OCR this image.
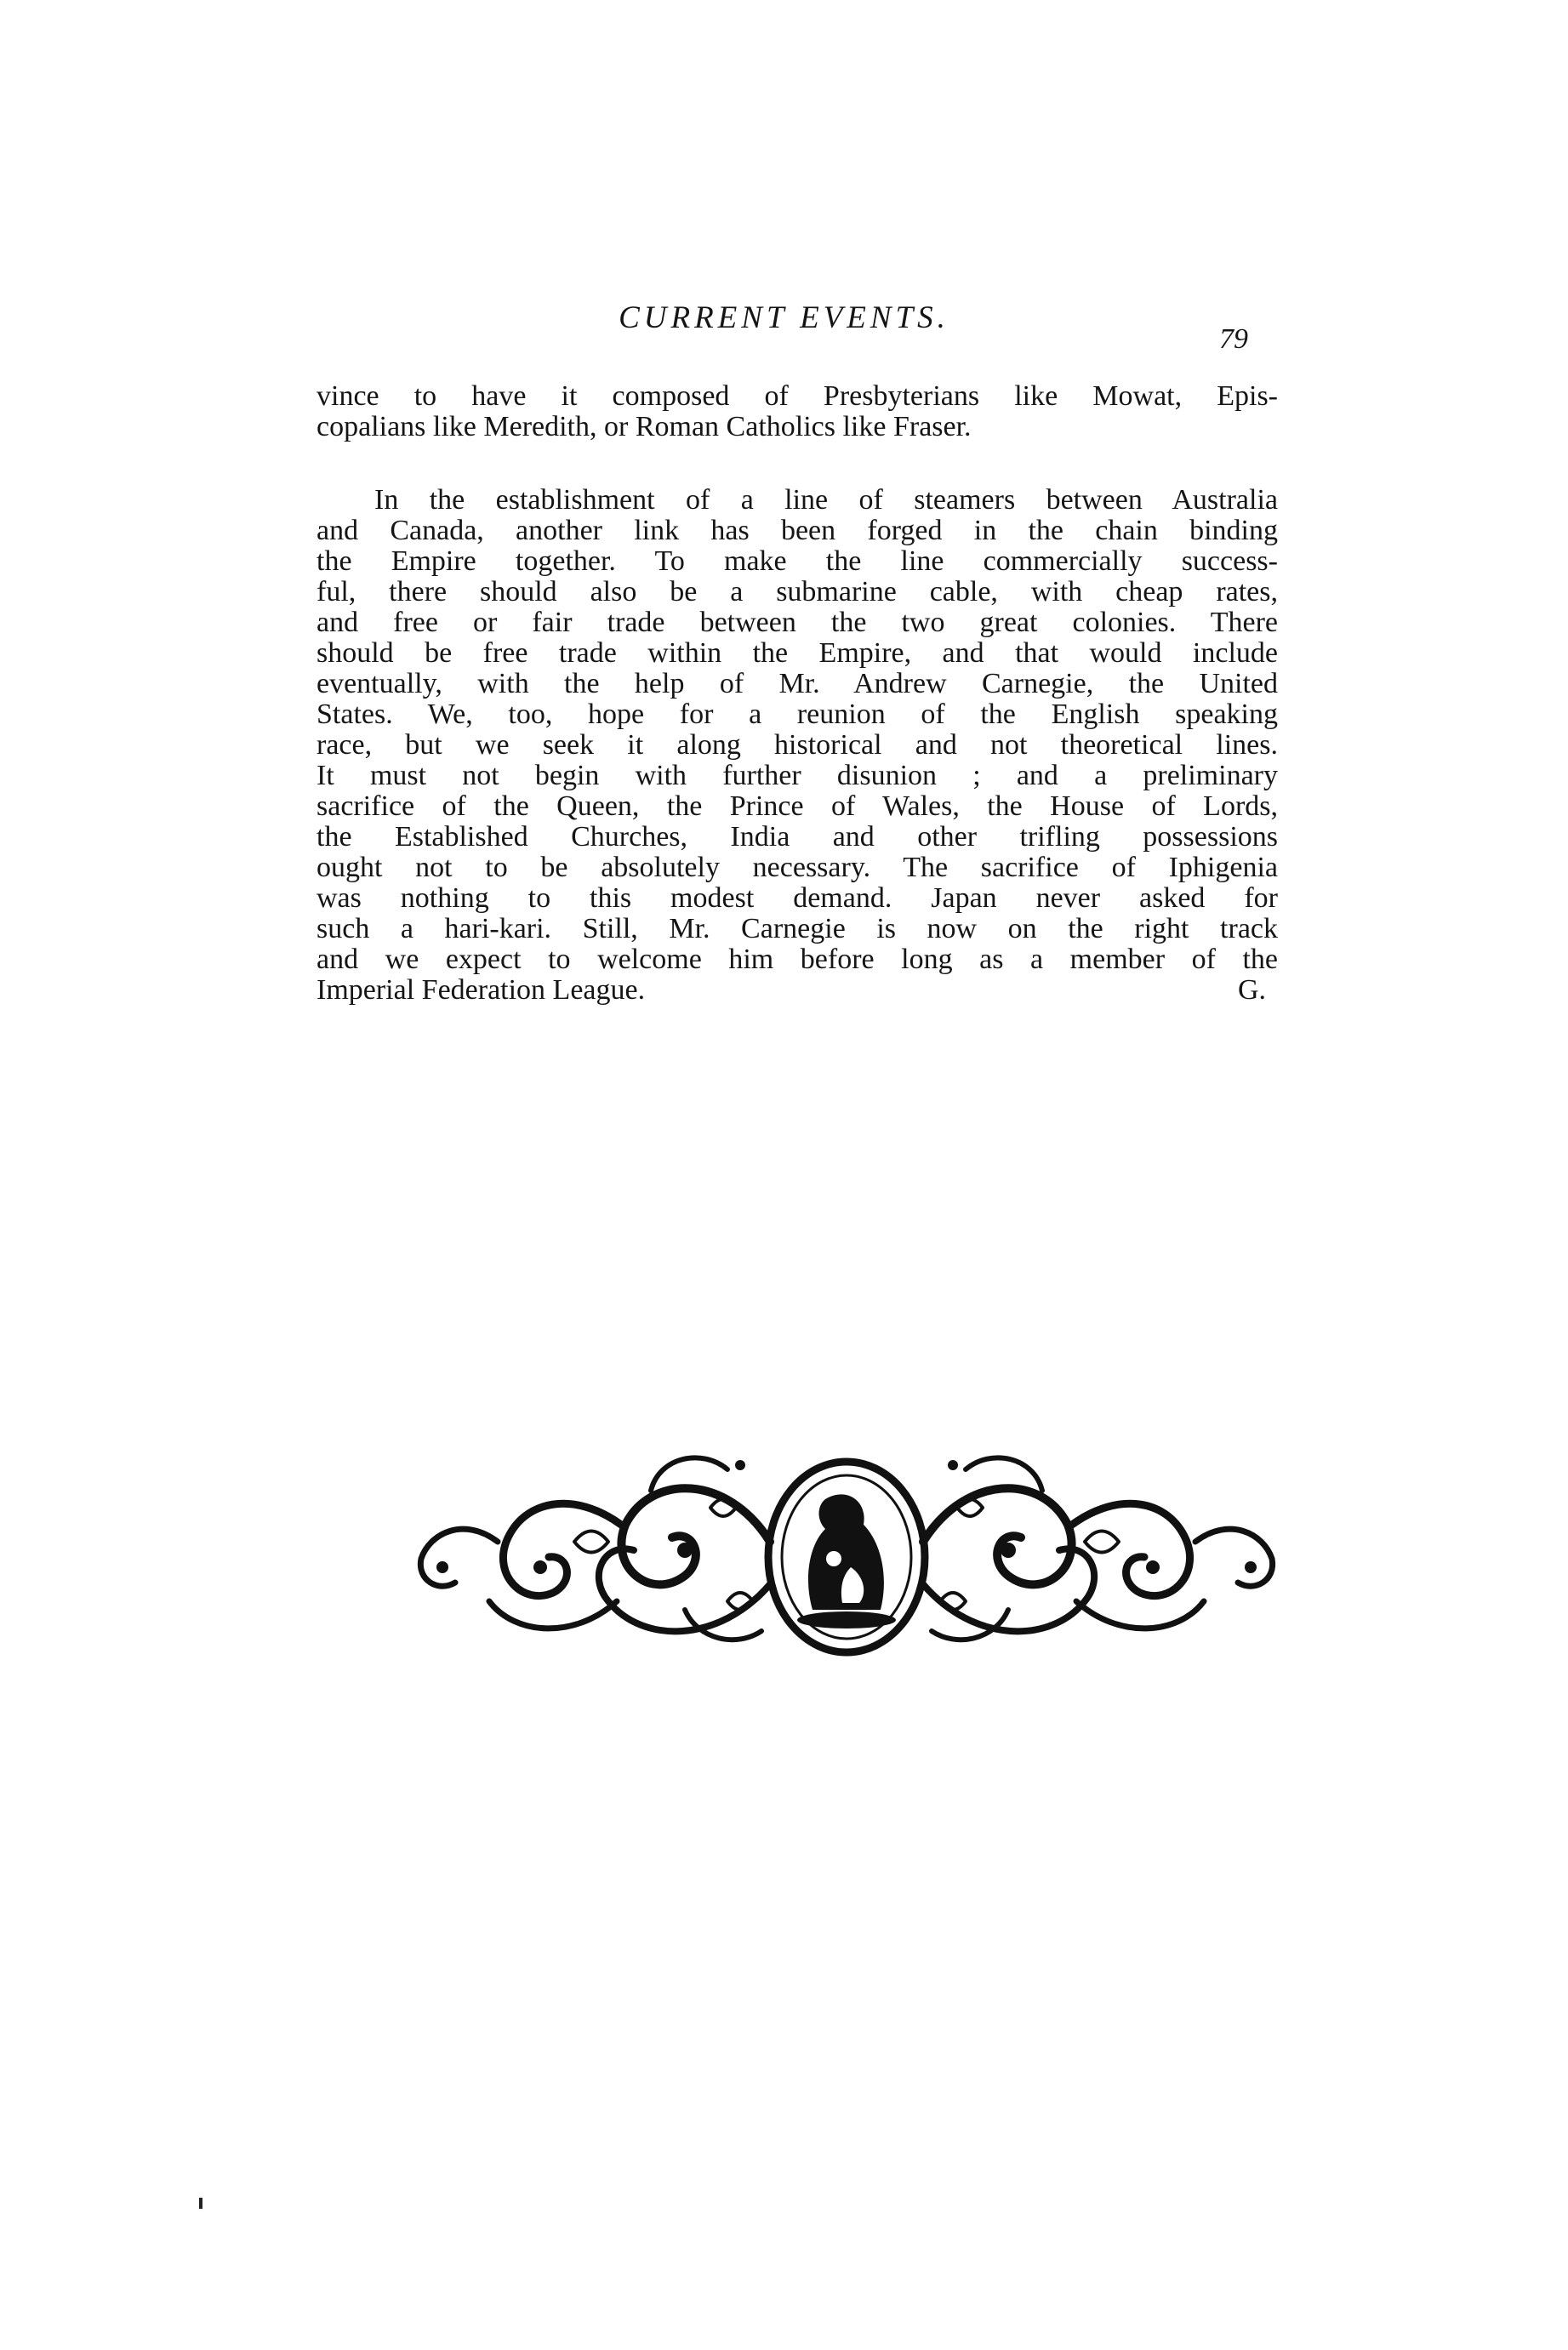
CURRENT EVENTS.
79
vince to have it composed of Presbyterians like Mowat, Epis-
copalians like Meredith, or Roman Catholics like Fraser.
In the establishment of a line of steamers between Australia
and Canada, another link has been forged in the chain binding
the Empire together. To make the line commercially success-
ful, there should also be a submarine cable, with cheap rates,
and free or fair trade between the two great colonies. There
should be free trade within the Empire, and that would include
eventually, with the help of Mr. Andrew Carnegie, the United
States. We, too, hope for a reunion of the English speaking
race, but we seek it along historical and not theoretical lines.
It must not begin with further disunion ; and a preliminary
sacrifice of the Queen, the Prince of Wales, the House of Lords,
the Established Churches, India and other trifling possessions
ought not to be absolutely necessary. The sacrifice of Iphigenia
was nothing to this modest demand. Japan never asked for
such a hari-kari. Still, Mr. Carnegie is now on the right track
and we expect to welcome him before long as a member of the
Imperial Federation League.	G.
